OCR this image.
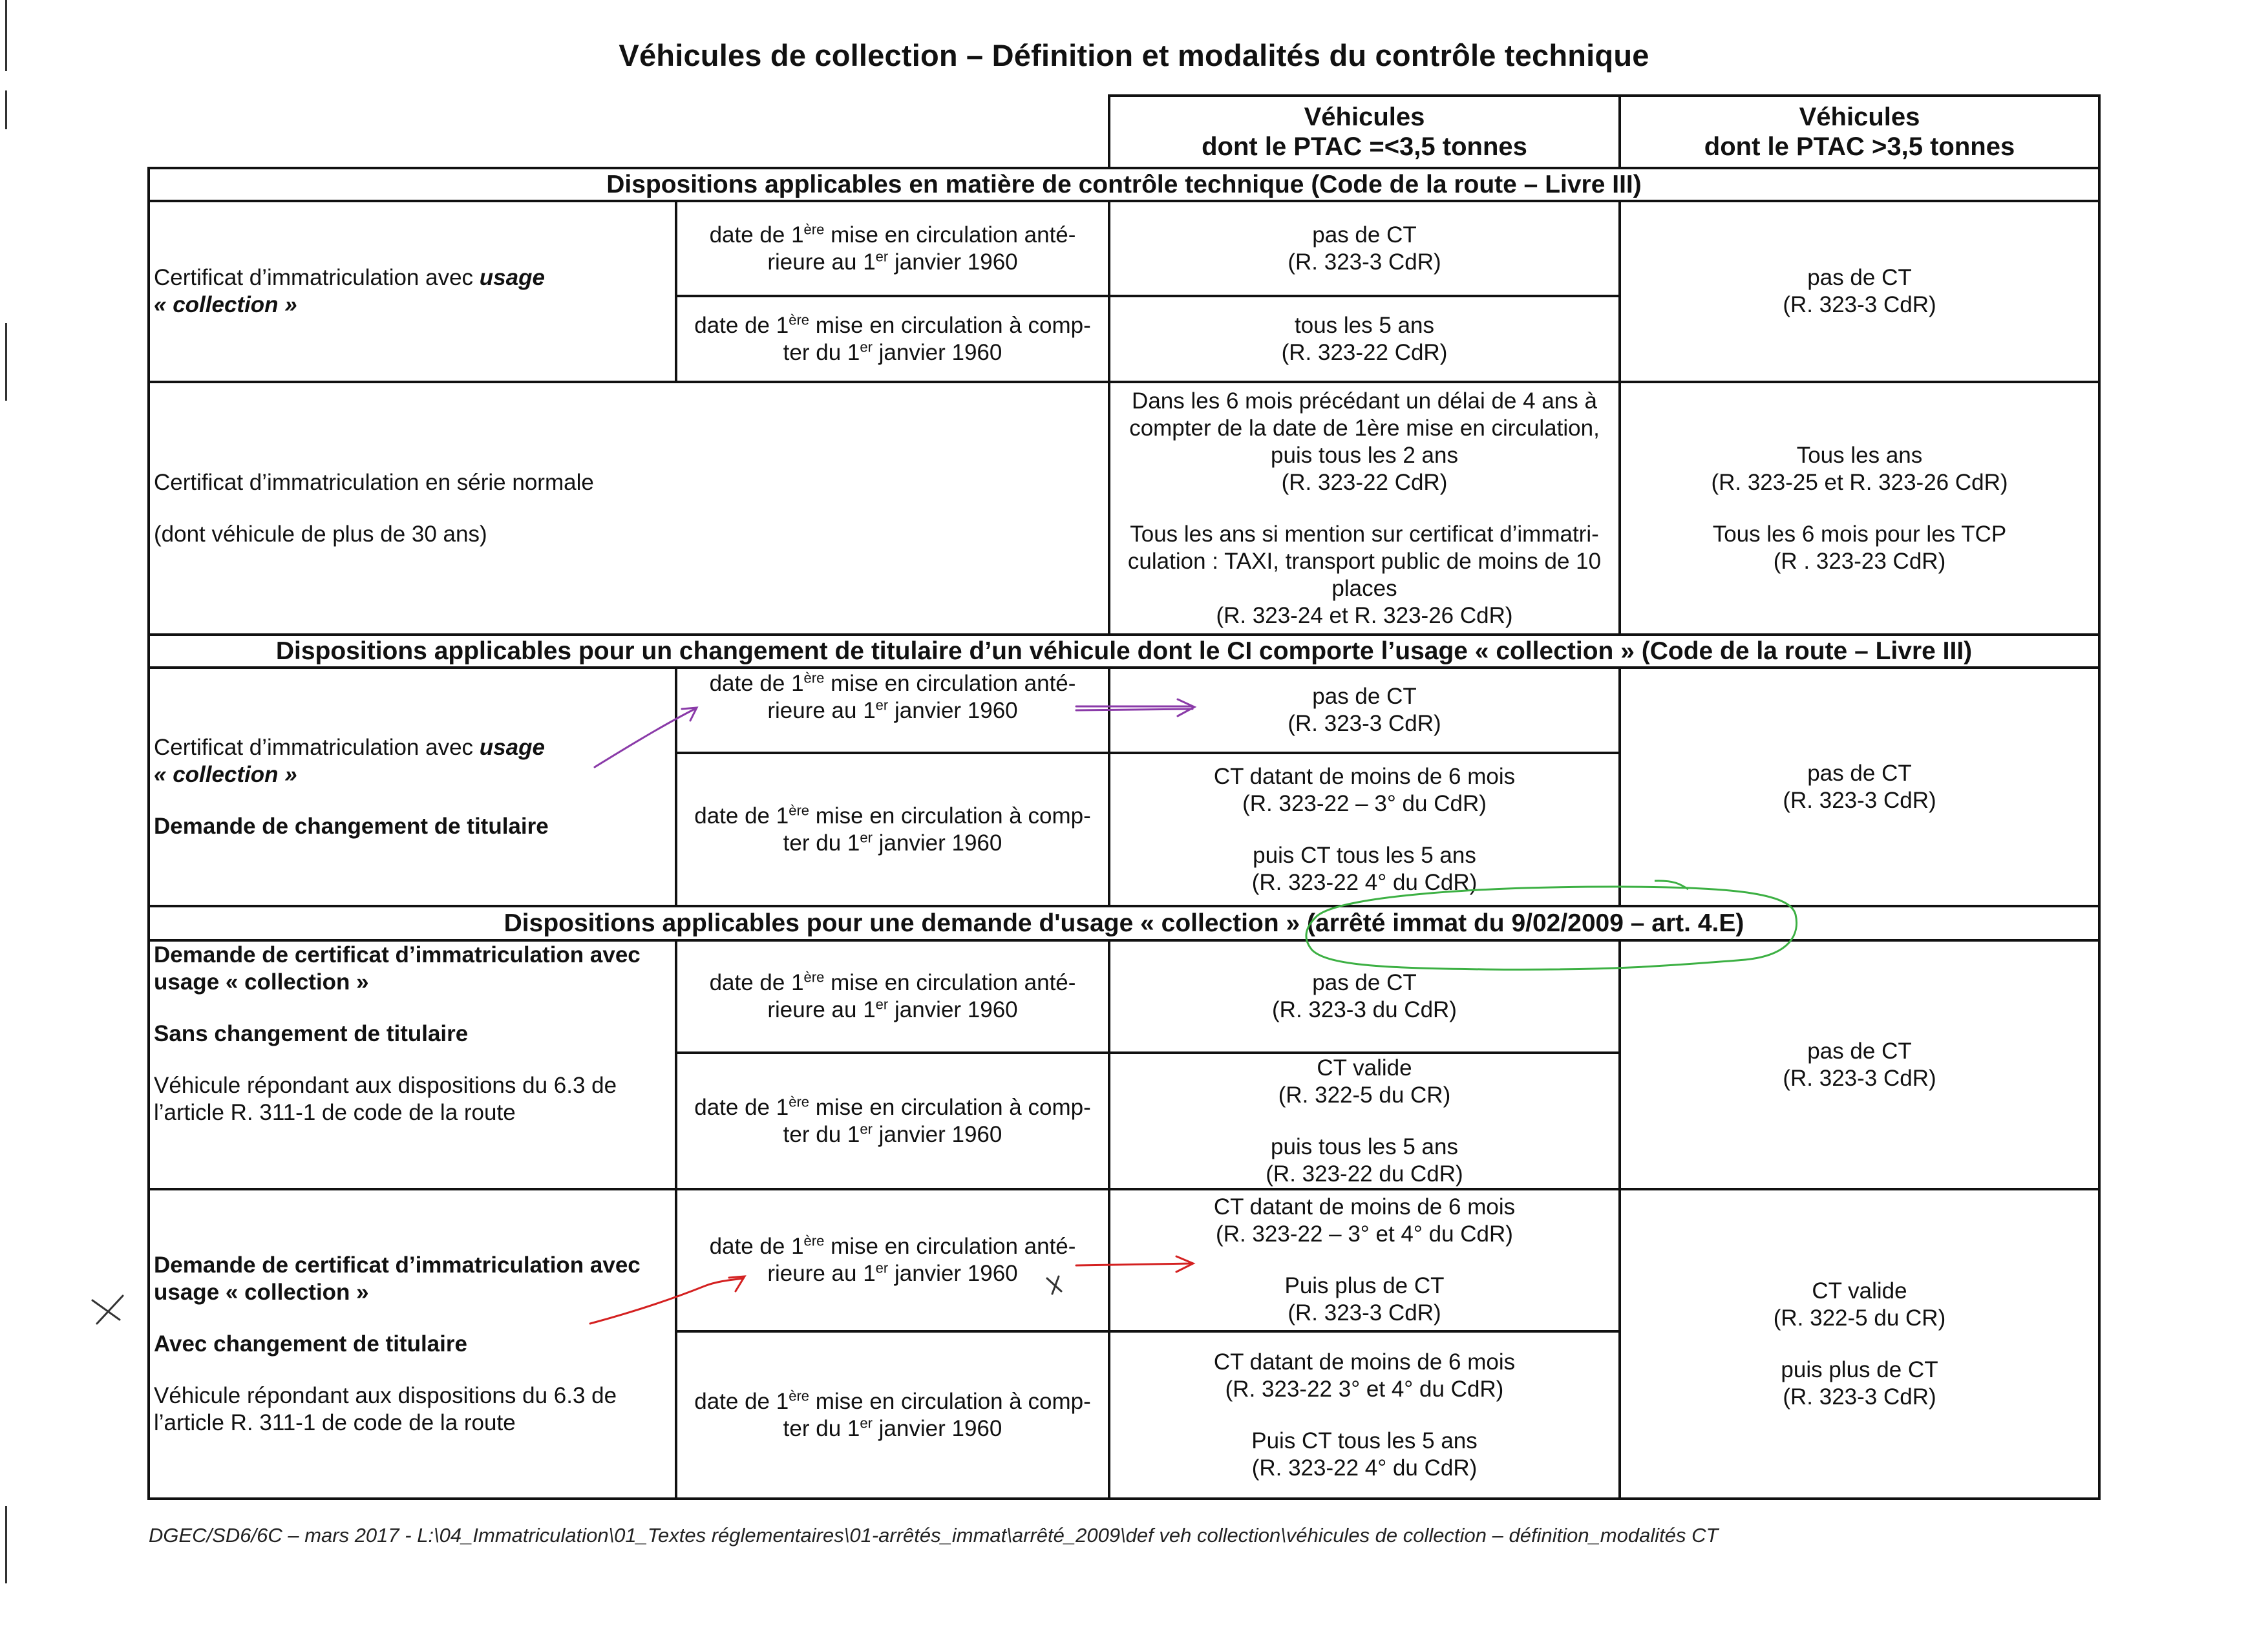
Véhicules de collection – Définition et modalités du contrôle technique
Véhicules
dont le PTAC =<3,5 tonnes
Véhicules
dont le PTAC >3,5 tonnes
Dispositions applicables en matière de contrôle technique (Code de la route – Livre III)
Certificat d’immatriculation avec usage
« collection »
date de 1ère mise en circulation anté-
rieure au 1er janvier 1960
date de 1ère mise en circulation à comp-
ter du 1er janvier 1960
pas de CT
(R. 323-3 CdR)
tous les 5 ans
(R. 323-22 CdR)
pas de CT
(R. 323-3 CdR)
Certificat d’immatriculation en série normale
(dont véhicule de plus de 30 ans)
Dans les 6 mois précédant un délai de 4 ans à
compter de la date de 1ère mise en circulation,
puis tous les 2 ans
(R. 323-22 CdR)
Tous les ans si mention sur certificat d’immatri-
culation : TAXI, transport public de moins de 10
places
(R. 323-24 et R. 323-26 CdR)
Tous les ans
(R. 323-25 et R. 323-26 CdR)
Tous les 6 mois pour les TCP
(R . 323-23 CdR)
Dispositions applicables pour un changement de titulaire d’un véhicule dont le CI comporte l’usage « collection » (Code de la route – Livre III)
Certificat d’immatriculation avec usage
« collection »
Demande de changement de titulaire
date de 1ère mise en circulation anté-
rieure au 1er janvier 1960
date de 1ère mise en circulation à comp-
ter du 1er janvier 1960
pas de CT
(R. 323-3 CdR)
CT datant de moins de 6 mois
(R. 323-22 – 3° du CdR)
puis CT tous les 5 ans
(R. 323-22 4° du CdR)
pas de CT
(R. 323-3 CdR)
Dispositions applicables pour une demande d'usage « collection » (arrêté immat du 9/02/2009 – art. 4.E)
Demande de certificat d’immatriculation avec
usage « collection »
Sans changement de titulaire
Véhicule répondant aux dispositions du 6.3 de
l’article R. 311-1 de code de la route
date de 1ère mise en circulation anté-
rieure au 1er janvier 1960
date de 1ère mise en circulation à comp-
ter du 1er janvier 1960
pas de CT
(R. 323-3 du CdR)
CT valide
(R. 322-5 du CR)
puis tous les 5 ans
(R. 323-22 du CdR)
pas de CT
(R. 323-3 CdR)
Demande de certificat d’immatriculation avec
usage « collection »
Avec changement de titulaire
Véhicule répondant aux dispositions du 6.3 de
l’article R. 311-1 de code de la route
date de 1ère mise en circulation anté-
rieure au 1er janvier 1960
date de 1ère mise en circulation à comp-
ter du 1er janvier 1960
CT datant de moins de 6 mois
(R. 323-22 – 3° et 4° du CdR)
Puis plus de CT
(R. 323-3 CdR)
CT datant de moins de 6 mois
(R. 323-22 3° et 4° du CdR)
Puis CT tous les 5 ans
(R. 323-22 4° du CdR)
CT valide
(R. 322-5 du CR)
puis plus de CT
(R. 323-3 CdR)
DGEC/SD6/6C – mars 2017 - L:\04_Immatriculation\01_Textes réglementaires\01-arrêtés_immat\arrêté_2009\def veh collection\véhicules de collection – définition_modalités CT
